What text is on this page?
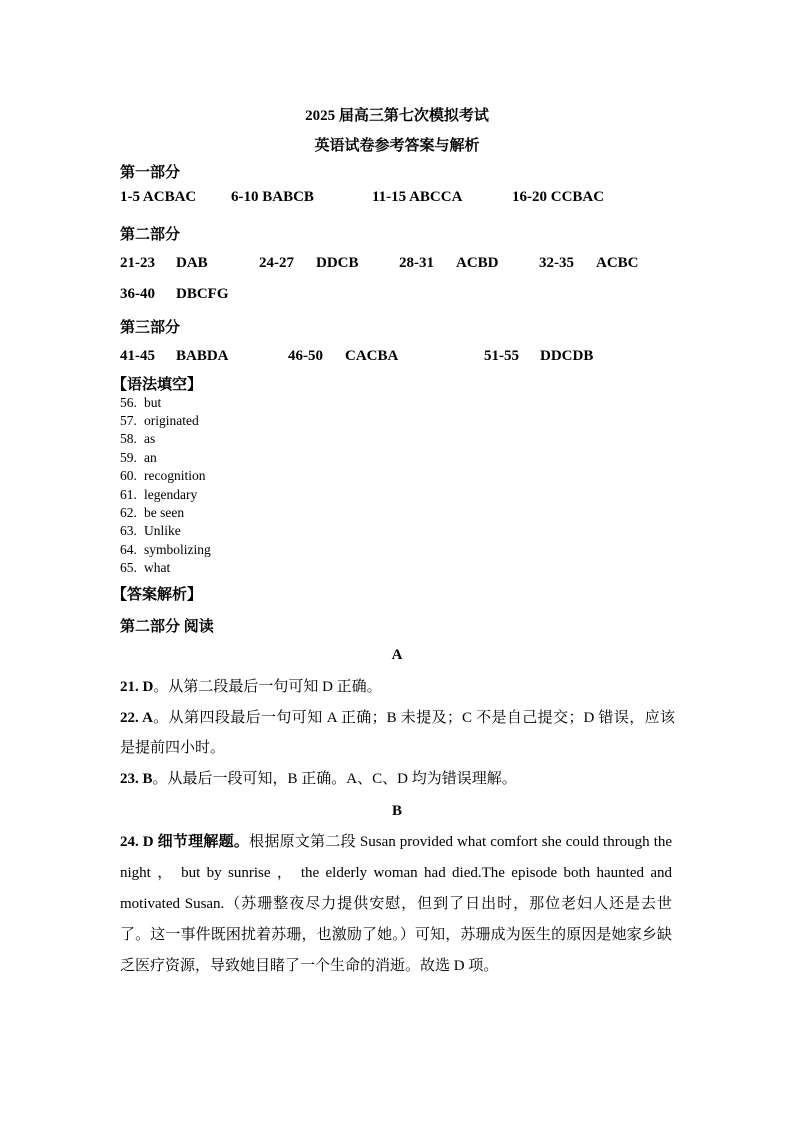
2025 届高三第七次模拟考试
英语试卷参考答案与解析
第一部分
1-5 ACBAC 6-10 BABCB	11-15 ABCCA	16-20 CCBAC
第二部分
21-23 DAB	24-27 DDCB	28-31 ACBD	32-35 ACBC
36-40 DBCFG
第三部分
41-45 BABDA	46-50 CACBA	51-55 DDCDB
【语法填空】
56. but
57. originated
58. as
59. an
60. recognition
61. legendary
62. be seen
63. Unlike
64. symbolizing
65. what
【答案解析】
第二部分 阅读
A
21. D。从第二段最后一句可知 D 正确。
22. A。从第四段最后一句可知 A 正确；B 未提及；C 不是自己提交；D 错误，应该是提前四小时。
23. B。从最后一段可知，B 正确。A、C、D 均为错误理解。
B
24. D 细节理解题。根据原文第二段 Susan provided what comfort she could through the night ， but by sunrise ， the elderly woman had died.The episode both haunted and motivated Susan.（苏珊整夜尽力提供安慰，但到了日出时，那位老妇人还是去世了。这一事件既困扰着苏珊，也激励了她。）可知，苏珊成为医生的原因是她家乡缺乏医疗资源，导致她目睹了一个生命的消逝。故选 D 项。
